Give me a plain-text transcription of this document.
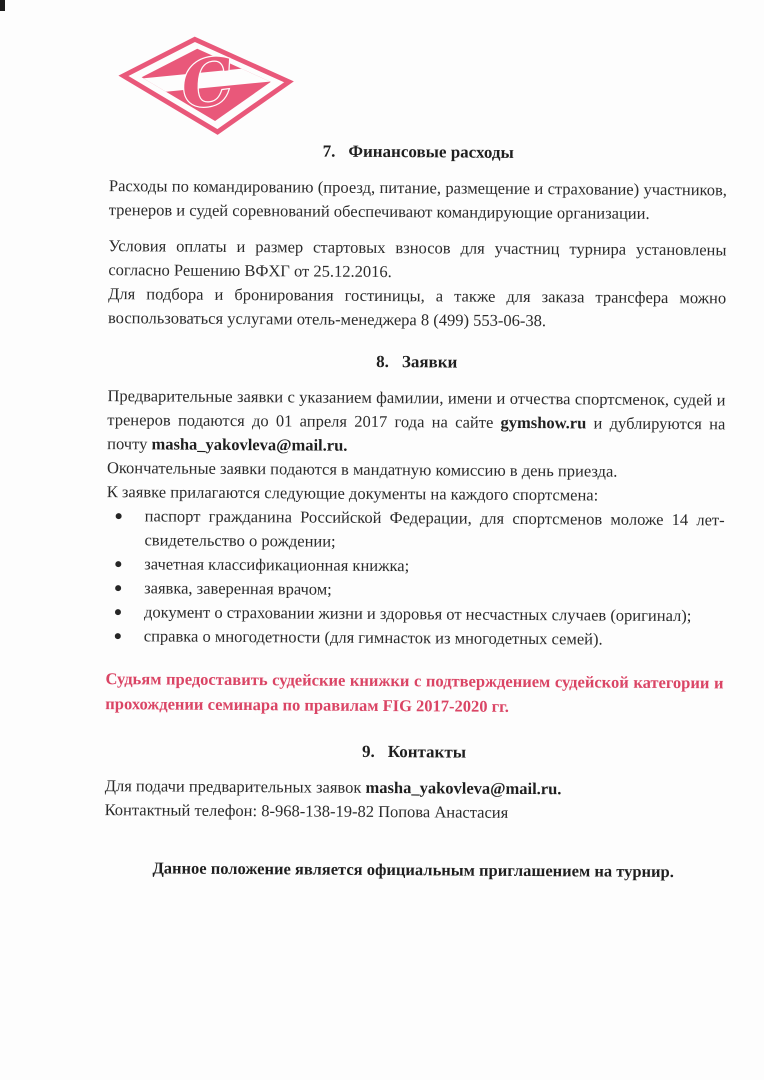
C
7. Финансовые расходы

Расходы по командированию (проезд, питание, размещение и страхование) участников, тренеров и судей соревнований обеспечивают командирующие организации.

Условия оплаты и размер стартовых взносов для участниц турнира установлены согласно Решению ВФХГ от 25.12.2016.

Для подбора и бронирования гостиницы, а также для заказа трансфера можно воспользоваться услугами отель-менеджера 8 (499) 553-06-38.

8. Заявки

Предварительные заявки с указанием фамилии, имени и отчества спортсменок, судей и тренеров подаются до 01 апреля 2017 года на сайте gymshow.ru и дублируются на почту masha_yakovleva@mail.ru.

Окончательные заявки подаются в мандатную комиссию в день приезда.

К заявке прилагаются следующие документы на каждого спортсмена:

паспорт гражданина Российской Федерации, для спортсменов моложе 14 лет- свидетельство о рождении;
зачетная классификационная книжка;
заявка, заверенная врачом;
документ о страховании жизни и здоровья от несчастных случаев (оригинал);
справка о многодетности (для гимнасток из многодетных семей).

Судьям предоставить судейские книжки с подтверждением судейской категории и прохождении семинара по правилам FIG 2017-2020 гг.

9. Контакты

Для подачи предварительных заявок masha_yakovleva@mail.ru.

Контактный телефон: 8-968-138-19-82 Попова Анастасия

Данное положение является официальным приглашением на турнир.
